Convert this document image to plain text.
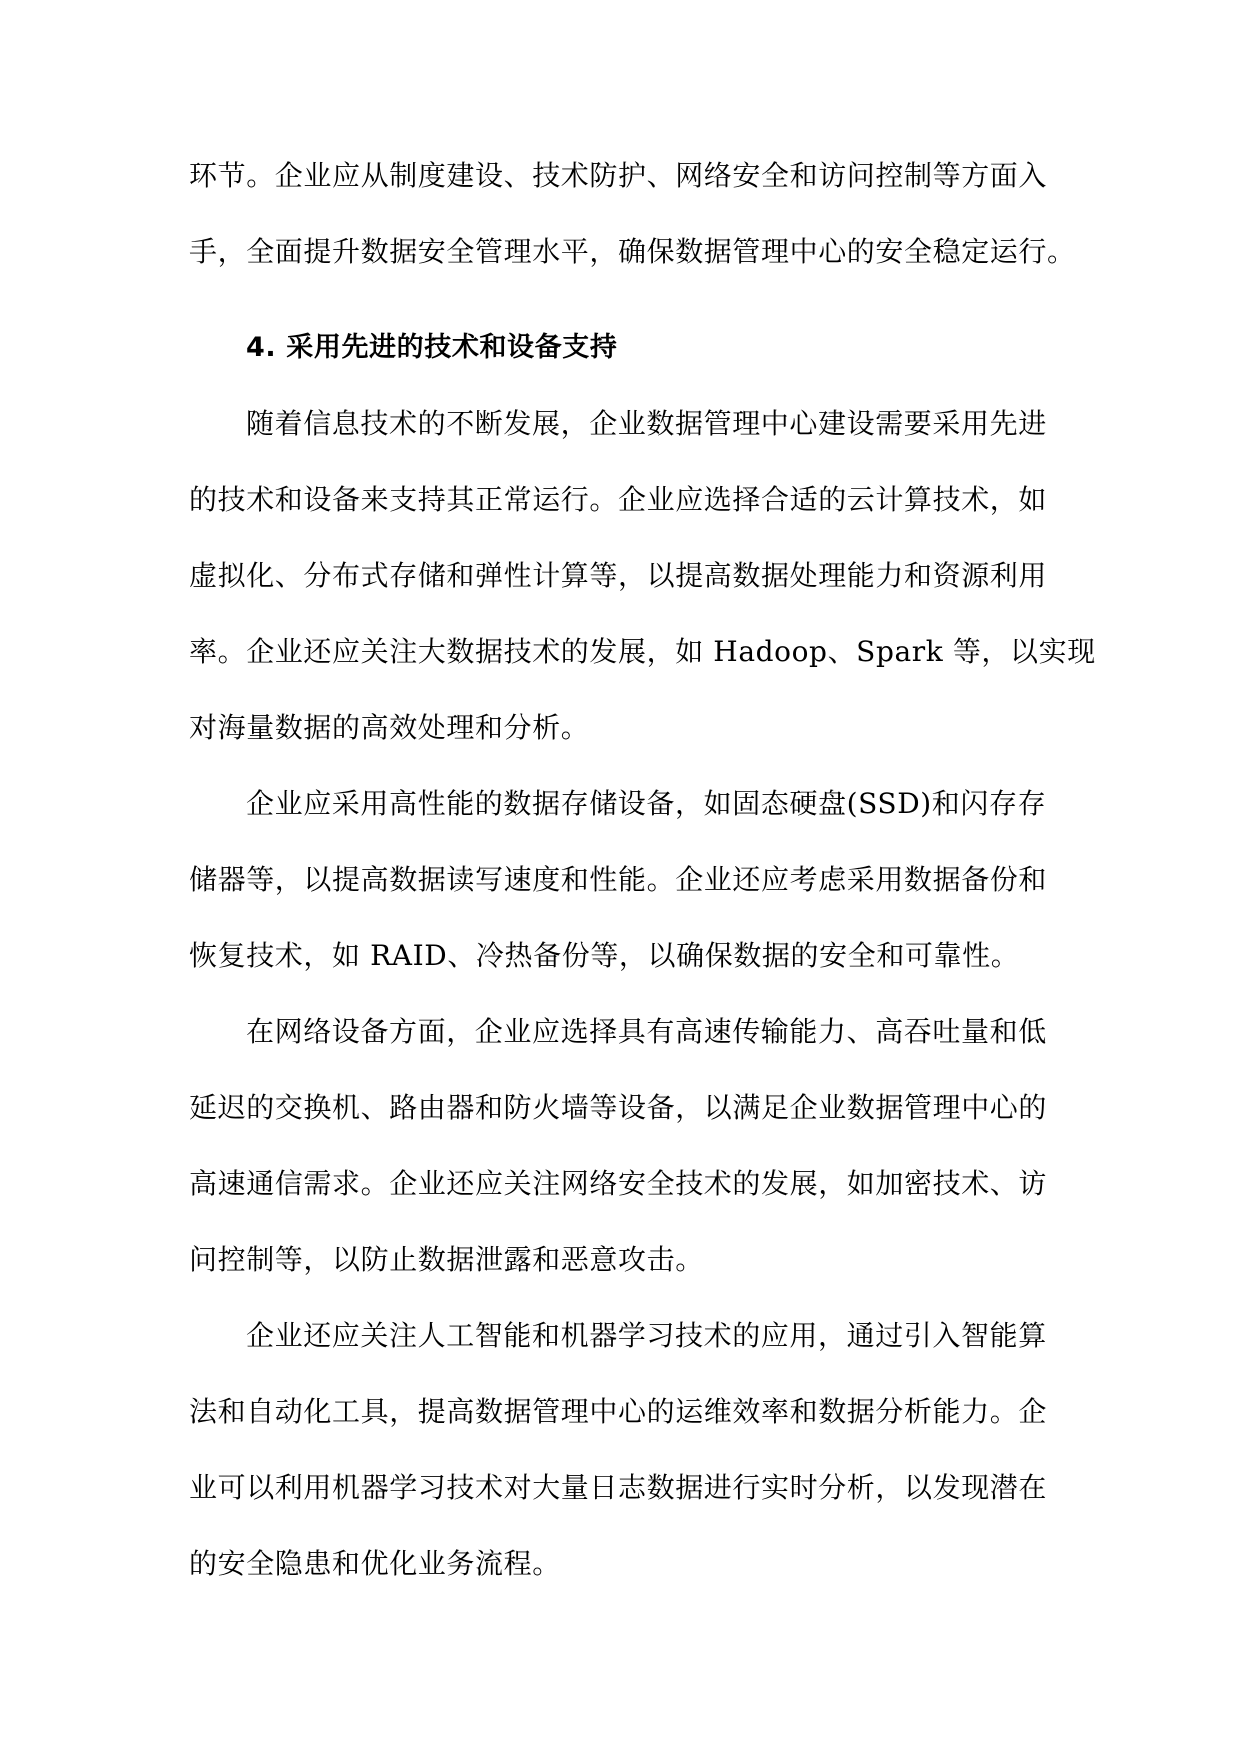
环节。企业应从制度建设、技术防护、网络安全和访问控制等方面入
手，全面提升数据安全管理水平，确保数据管理中心的安全稳定运行。
4. 采用先进的技术和设备支持
随着信息技术的不断发展，企业数据管理中心建设需要采用先进
的技术和设备来支持其正常运行。企业应选择合适的云计算技术，如
虚拟化、分布式存储和弹性计算等，以提高数据处理能力和资源利用
率。企业还应关注大数据技术的发展，如 Hadoop、Spark 等，以实现
对海量数据的高效处理和分析。
企业应采用高性能的数据存储设备，如固态硬盘(SSD)和闪存存
储器等，以提高数据读写速度和性能。企业还应考虑采用数据备份和
恢复技术，如 RAID、冷热备份等，以确保数据的安全和可靠性。
在网络设备方面，企业应选择具有高速传输能力、高吞吐量和低
延迟的交换机、路由器和防火墙等设备，以满足企业数据管理中心的
高速通信需求。企业还应关注网络安全技术的发展，如加密技术、访
问控制等，以防止数据泄露和恶意攻击。
企业还应关注人工智能和机器学习技术的应用，通过引入智能算
法和自动化工具，提高数据管理中心的运维效率和数据分析能力。企
业可以利用机器学习技术对大量日志数据进行实时分析，以发现潜在
的安全隐患和优化业务流程。
